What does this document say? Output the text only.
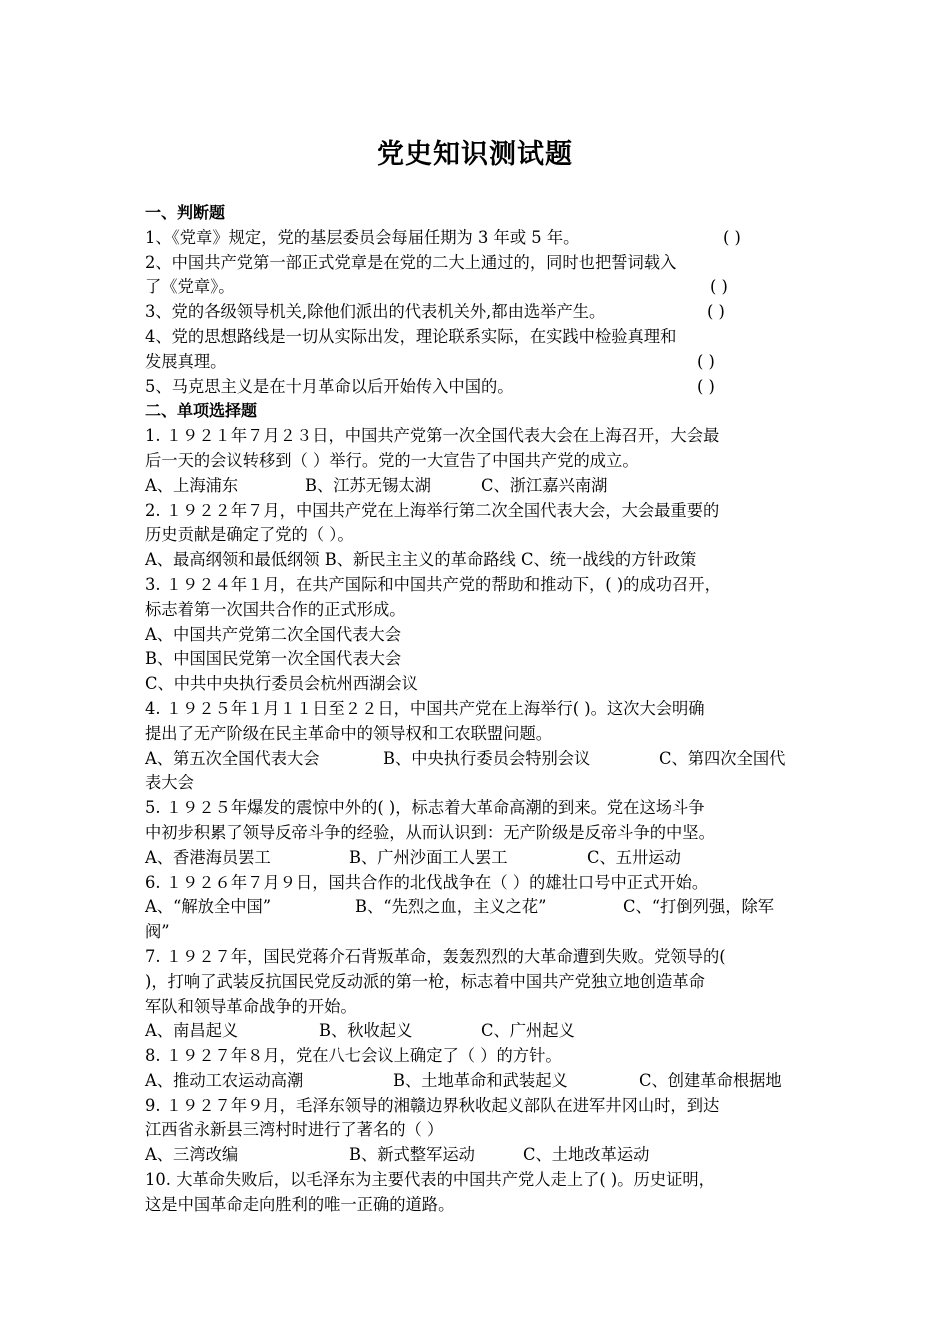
党史知识测试题
一、判断题
1、《党章》规定，党的基层委员会每届任期为 3 年或 5 年。	( )
2、中国共产党第一部正式党章是在党的二大上通过的，同时也把誓词载入
了《党章》。	( )
3、党的各级领导机关,除他们派出的代表机关外,都由选举产生。	( )
4、党的思想路线是一切从实际出发，理论联系实际，在实践中检验真理和
发展真理。	( )
5、马克思主义是在十月革命以后开始传入中国的。	( )
二、单项选择题
1. １９２１年７月２３日，中国共产党第一次全国代表大会在上海召开，大会最
后一天的会议转移到（ ）举行。党的一大宣告了中国共产党的成立。
A、上海浦东	B、江苏无锡太湖	C、浙江嘉兴南湖
2. １９２２年７月，中国共产党在上海举行第二次全国代表大会，大会最重要的
历史贡献是确定了党的（ ）。
A、最高纲领和最低纲领 B、新民主主义的革命路线 C、统一战线的方针政策
3. １９２４年１月，在共产国际和中国共产党的帮助和推动下，( )的成功召开，
标志着第一次国共合作的正式形成。
A、中国共产党第二次全国代表大会
B、中国国民党第一次全国代表大会
C、中共中央执行委员会杭州西湖会议
4. １９２５年１月１１日至２２日，中国共产党在上海举行( )。这次大会明确
提出了无产阶级在民主革命中的领导权和工农联盟问题。
A、第五次全国代表大会	B、中央执行委员会特别会议	C、第四次全国代
表大会
5. １９２５年爆发的震惊中外的( )，标志着大革命高潮的到来。党在这场斗争
中初步积累了领导反帝斗争的经验，从而认识到：无产阶级是反帝斗争的中坚。
A、香港海员罢工	B、广州沙面工人罢工	C、五卅运动
6. １９２６年７月９日，国共合作的北伐战争在（ ）的雄壮口号中正式开始。
A、“解放全中国”	B、“先烈之血，主义之花”	C、“打倒列强，除军
阀”
7. １９２７年，国民党蒋介石背叛革命，轰轰烈烈的大革命遭到失败。党领导的(
)，打响了武装反抗国民党反动派的第一枪，标志着中国共产党独立地创造革命
军队和领导革命战争的开始。
A、南昌起义	B、秋收起义	C、广州起义
8. １９２７年８月，党在八七会议上确定了（ ）的方针。
A、推动工农运动高潮	B、土地革命和武装起义	C、创建革命根据地
9. １９２７年９月，毛泽东领导的湘赣边界秋收起义部队在进军井冈山时，到达
江西省永新县三湾村时进行了著名的（ ）
A、三湾改编	B、新式整军运动	C、土地改革运动
10. 大革命失败后，以毛泽东为主要代表的中国共产党人走上了( )。历史证明，
这是中国革命走向胜利的唯一正确的道路。
